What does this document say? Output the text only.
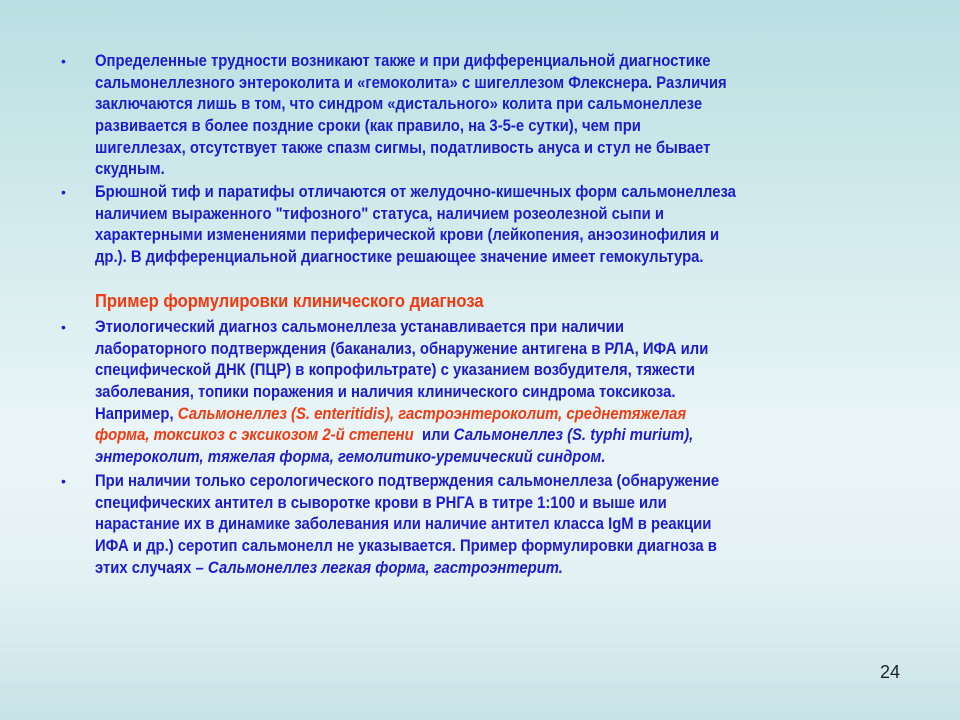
• Определенные трудности возникают также и при дифференциальной диагностике
сальмонеллезного энтероколита и «гемоколита» с шигеллезом Флекснера. Различия
заключаются лишь в том, что синдром «дистального» колита при сальмонеллезе
развивается в более поздние сроки (как правило, на 3-5-е сутки), чем при
шигеллезах, отсутствует также спазм сигмы, податливость ануса и стул не бывает
скудным.
• Брюшной тиф и паратифы отличаются от желудочно-кишечных форм сальмонеллеза
наличием выраженного "тифозного" статуса, наличием розеолезной сыпи и
характерными изменениями периферической крови (лейкопения, анэозинофилия и
др.). В дифференциальной диагностике решающее значение имеет гемокультура.
Пример формулировки клинического диагноза
• Этиологический диагноз сальмонеллеза устанавливается при наличии
лабораторного подтверждения (баканализ, обнаружение антигена в РЛА, ИФА или
специфической ДНК (ПЦР) в копрофильтрате) с указанием возбудителя, тяжести
заболевания, топики поражения и наличия клинического синдрома токсикоза.
Например, Сальмонеллез (S. enteritidis), гастроэнтероколит, среднетяжелая
форма, токсикоз с эксикозом 2-й степени  или Сальмонеллез (S. typhi murium),
энтероколит, тяжелая форма, гемолитико-уремический синдром.
• При наличии только серологического подтверждения сальмонеллеза (обнаружение
специфических антител в сыворотке крови в РНГА в титре 1:100 и выше или
нарастание их в динамике заболевания или наличие антител класса IgM в реакции
ИФА и др.) серотип сальмонелл не указывается. Пример формулировки диагноза в
этих случаях – Сальмонеллез легкая форма, гастроэнтерит.
24
